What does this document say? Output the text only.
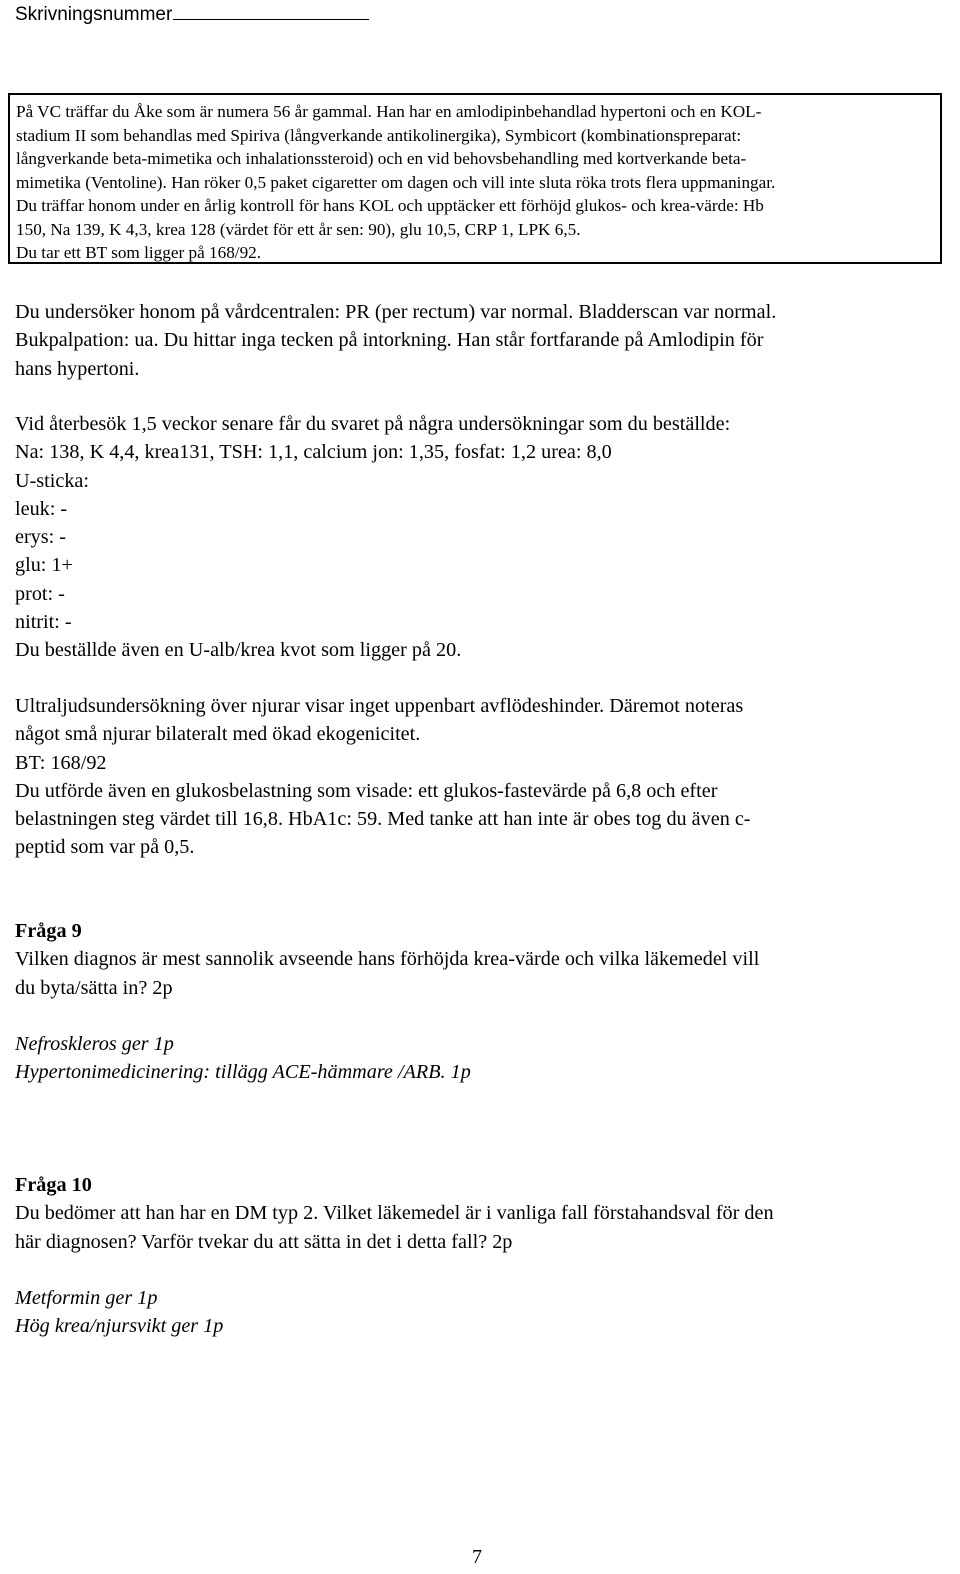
Skrivningsnummer

På VC träffar du Åke som är numera 56 år gammal. Han har en amlodipinbehandlad hypertoni och en KOL-

stadium II som behandlas med Spiriva (långverkande antikolinergika), Symbicort (kombinationspreparat:

långverkande beta-mimetika och inhalationssteroid) och en vid behovsbehandling med kortverkande beta-

mimetika (Ventoline). Han röker 0,5 paket cigaretter om dagen och vill inte sluta röka trots flera uppmaningar.

Du träffar honom under en årlig kontroll för hans KOL och upptäcker ett förhöjd glukos- och krea-värde: Hb

150, Na 139, K 4,3, krea 128 (värdet för ett år sen: 90), glu 10,5, CRP 1, LPK 6,5.

Du tar ett BT som ligger på 168/92.

Du undersöker honom på vårdcentralen: PR (per rectum) var normal. Bladderscan var normal.

Bukpalpation: ua. Du hittar inga tecken på intorkning. Han står fortfarande på Amlodipin för

hans hypertoni.

Vid återbesök 1,5 veckor senare får du svaret på några undersökningar som du beställde:

Na: 138, K 4,4, krea131, TSH: 1,1, calcium jon: 1,35, fosfat: 1,2 urea: 8,0

U-sticka:

leuk: -

erys: -

glu: 1+

prot: -

nitrit: -

Du beställde även en U-alb/krea kvot som ligger på 20.

Ultraljudsundersökning över njurar visar inget uppenbart avflödeshinder. Däremot noteras

något små njurar bilateralt med ökad ekogenicitet.

BT: 168/92

Du utförde även en glukosbelastning som visade: ett glukos-fastevärde på 6,8 och efter

belastningen steg värdet till 16,8. HbA1c: 59. Med tanke att han inte är obes tog du även c-

peptid som var på 0,5.

Fråga 9

Vilken diagnos är mest sannolik avseende hans förhöjda krea-värde och vilka läkemedel vill

du byta/sätta in? 2p

Nefroskleros ger 1p

Hypertonimedicinering: tillägg ACE-hämmare /ARB. 1p

Fråga 10

Du bedömer att han har en DM typ 2. Vilket läkemedel är i vanliga fall förstahandsval för den

här diagnosen? Varför tvekar du att sätta in det i detta fall? 2p

Metformin ger 1p

Hög krea/njursvikt ger 1p

7
